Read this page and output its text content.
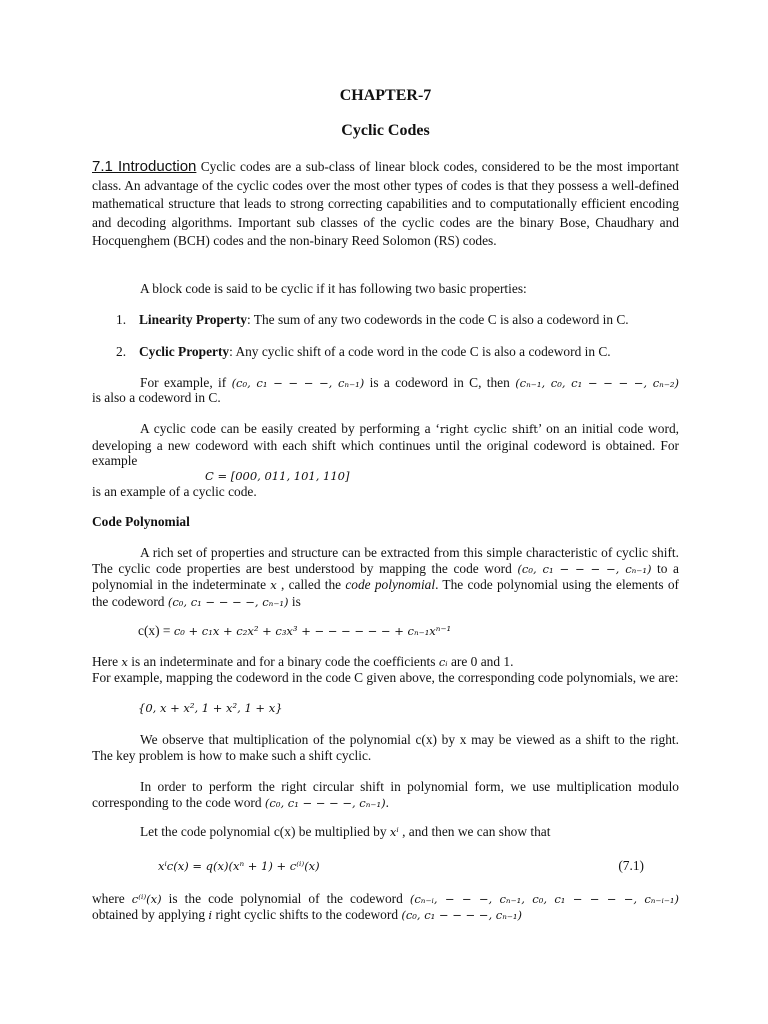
CHAPTER-7
Cyclic Codes
7.1 Introduction Cyclic codes are a sub-class of linear block codes, considered to be the most important class. An advantage of the cyclic codes over the most other types of codes is that they possess a well-defined mathematical structure that leads to strong correcting capabilities and to computationally efficient encoding and decoding algorithms. Important sub classes of the cyclic codes are the binary Bose, Chaudhary and Hocquenghem (BCH) codes and the non-binary Reed Solomon (RS) codes.
A block code is said to be cyclic if it has following two basic properties:
1. Linearity Property: The sum of any two codewords in the code C is also a codeword in C.
2. Cyclic Property: Any cyclic shift of a code word in the code C is also a codeword in C.
For example, if (c₀, c₁ − − − −, cₙ₋₁) is a codeword in C, then (cₙ₋₁, c₀, c₁ − − − −, cₙ₋₂)
is also a codeword in C.
A cyclic code can be easily created by performing a ‘right cyclic shift’ on an initial code word, developing a new codeword with each shift which continues until the original codeword is obtained. For example
C = [000, 011, 101, 110]
is an example of a cyclic code.
Code Polynomial
A rich set of properties and structure can be extracted from this simple characteristic of cyclic shift. The cyclic code properties are best understood by mapping the code word (c₀, c₁ − − − −, cₙ₋₁) to a polynomial in the indeterminate x , called the code polynomial. The code polynomial using the elements of the codeword (c₀, c₁ − − − −, cₙ₋₁) is
c(x) = c₀ + c₁x + c₂x² + c₃x³ + − − − − − − + cₙ₋₁xⁿ⁻¹
Here x is an indeterminate and for a binary code the coefficients cᵢ are 0 and 1.
For example, mapping the codeword in the code C given above, the corresponding code polynomials, we are:
{0, x + x², 1 + x², 1 + x}
We observe that multiplication of the polynomial c(x) by x may be viewed as a shift to the right. The key problem is how to make such a shift cyclic.
In order to perform the right circular shift in polynomial form, we use multiplication modulo corresponding to the code word (c₀, c₁ − − − −, cₙ₋₁).
Let the code polynomial c(x) be multiplied by xⁱ , and then we can show that
xⁱc(x) = q(x)(xⁿ + 1) + c⁽ⁱ⁾(x)	(7.1)
where c⁽ⁱ⁾(x) is the code polynomial of the codeword (cₙ₋ᵢ, − − −, cₙ₋₁, c₀, c₁ − − − −, cₙ₋ᵢ₋₁)
obtained by applying i right cyclic shifts to the codeword (c₀, c₁ − − − −, cₙ₋₁)
